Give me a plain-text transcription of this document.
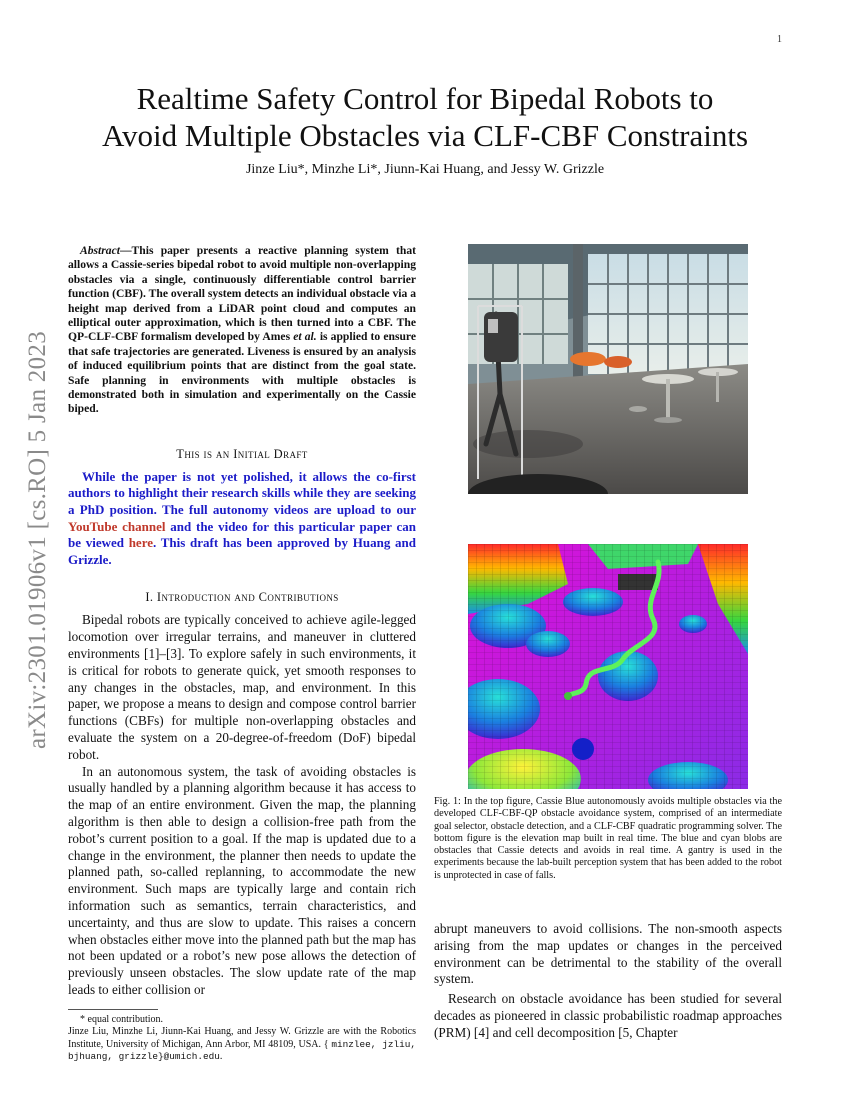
1
arXiv:2301.01906v1 [cs.RO] 5 Jan 2023
Realtime Safety Control for Bipedal Robots to
Avoid Multiple Obstacles via CLF-CBF Constraints
Jinze Liu*, Minzhe Li*, Jiunn-Kai Huang, and Jessy W. Grizzle

Abstract—This paper presents a reactive planning system that allows a Cassie-series bipedal robot to avoid multiple non-overlapping obstacles via a single, continuously differentiable control barrier function (CBF). The overall system detects an individual obstacle via a height map derived from a LiDAR point cloud and computes an elliptical outer approximation, which is then turned into a CBF. The QP-CLF-CBF formalism developed by Ames et al. is applied to ensure that safe trajectories are generated. Liveness is ensured by an analysis of induced equilibrium points that are distinct from the goal state. Safe planning in environments with multiple obstacles is demonstrated both in simulation and experimentally on the Cassie biped.

This is an Initial Draft

While the paper is not yet polished, it allows the co-first authors to highlight their research skills while they are seeking a PhD position. The full autonomy videos are upload to our YouTube channel and the video for this particular paper can be viewed here. This draft has been approved by Huang and Grizzle.

I. Introduction and Contributions

Bipedal robots are typically conceived to achieve agile-legged locomotion over irregular terrains, and maneuver in cluttered environments [1]–[3]. To explore safely in such environments, it is critical for robots to generate quick, yet smooth responses to any changes in the obstacles, map, and environment. In this paper, we propose a means to design and compose control barrier functions (CBFs) for multiple non-overlapping obstacles and evaluate the system on a 20-degree-of-freedom (DoF) bipedal robot.

In an autonomous system, the task of avoiding obstacles is usually handled by a planning algorithm because it has access to the map of an entire environment. Given the map, the planning algorithm is then able to design a collision-free path from the robot’s current position to a goal. If the map is updated due to a change in the environment, the planner then needs to update the planned path, so-called replanning, to accommodate the new environment. Such maps are typically large and contain rich information such as semantics, terrain characteristics, and uncertainty, and thus are slow to update. This raises a concern when obstacles either move into the planned path but the map has not been updated or a robot’s new pose allows the detection of previously unseen obstacles. The slow update rate of the map leads to either collision or

* equal contribution.

Jinze Liu, Minzhe Li, Jiunn-Kai Huang, and Jessy W. Grizzle are with the Robotics Institute, University of Michigan, Ann Arbor, MI 48109, USA. { minzlee, jzliu, bjhuang, grizzle}@umich.edu.

Fig. 1: In the top figure, Cassie Blue autonomously avoids multiple obstacles via the developed CLF-CBF-QP obstacle avoidance system, comprised of an intermediate goal selector, obstacle detection, and a CLF-CBF quadratic programming solver. The bottom figure is the elevation map built in real time. The blue and cyan blobs are obstacles that Cassie detects and avoids in real time. A gantry is used in the experiments because the lab-built perception system that has been added to the robot is unprotected in case of falls.

abrupt maneuvers to avoid collisions. The non-smooth aspects arising from the map updates or changes in the perceived environment can be detrimental to the stability of the overall system.

Research on obstacle avoidance has been studied for several decades as pioneered in classic probabilistic roadmap approaches (PRM) [4] and cell decomposition [5, Chapter
